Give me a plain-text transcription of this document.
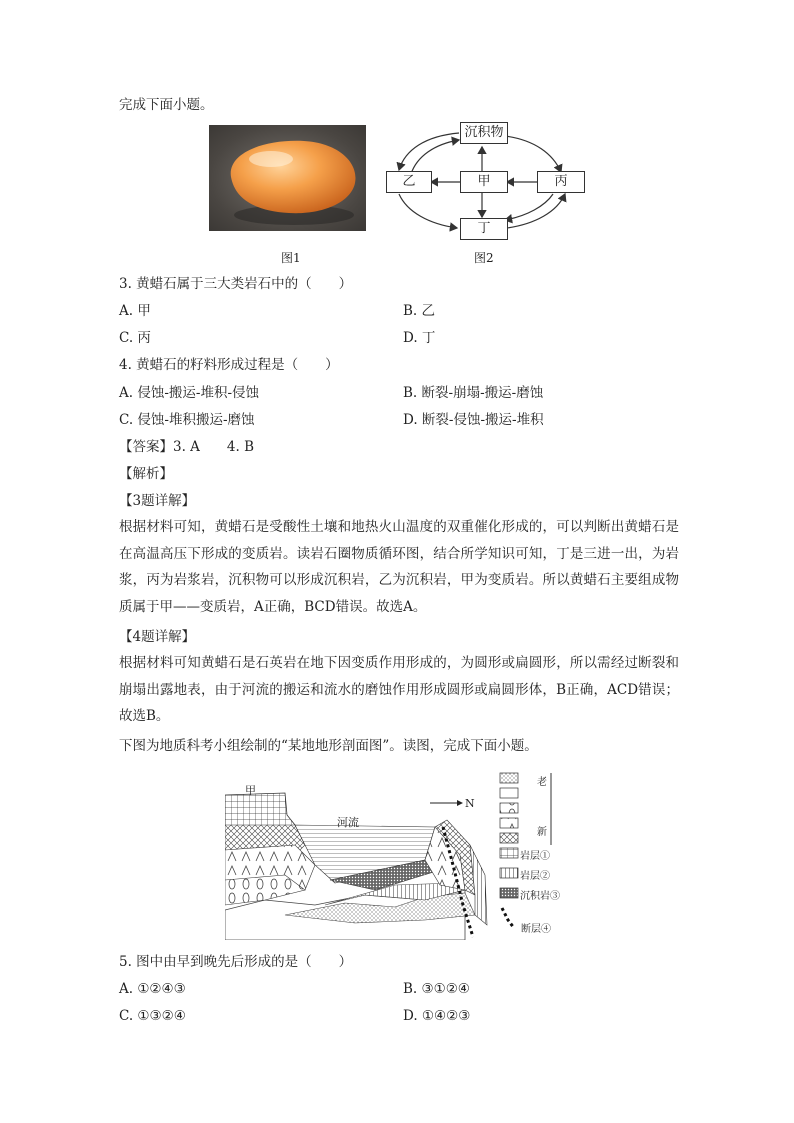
完成下面小题。
图1
沉积物
乙	甲	丙
丁
图2
3. 黄蜡石属于三大类岩石中的（　　）
A. 甲	B. 乙
C. 丙	D. 丁
4. 黄蜡石的籽料形成过程是（　　）
A. 侵蚀-搬运-堆积-侵蚀	B. 断裂-崩塌-搬运-磨蚀
C. 侵蚀-堆积搬运-磨蚀	D. 断裂-侵蚀-搬运-堆积
【答案】3. A　　4. B
【解析】
【3题详解】
根据材料可知，黄蜡石是受酸性土壤和地热火山温度的双重催化形成的，可以判断出黄蜡石是在高温高压下形成的变质岩。读岩石圈物质循环图，结合所学知识可知，丁是三进一出，为岩浆，丙为岩浆岩，沉积物可以形成沉积岩，乙为沉积岩，甲为变质岩。所以黄蜡石主要组成物质属于甲——变质岩，A正确，BCD错误。故选A。
【4题详解】
根据材料可知黄蜡石是石英岩在地下因变质作用形成的，为圆形或扁圆形，所以需经过断裂和崩塌出露地表，由于河流的搬运和流水的磨蚀作用形成圆形或扁圆形体，B正确，ACD错误；故选B。
下图为地质科考小组绘制的“某地地形剖面图”。读图，完成下面小题。
甲
河流
N
老
新
岩层①
岩层②
沉积岩③
断层④
5. 图中由早到晚先后形成的是（　　）
A. ①②④③	B. ③①②④
C. ①③②④	D. ①④②③
